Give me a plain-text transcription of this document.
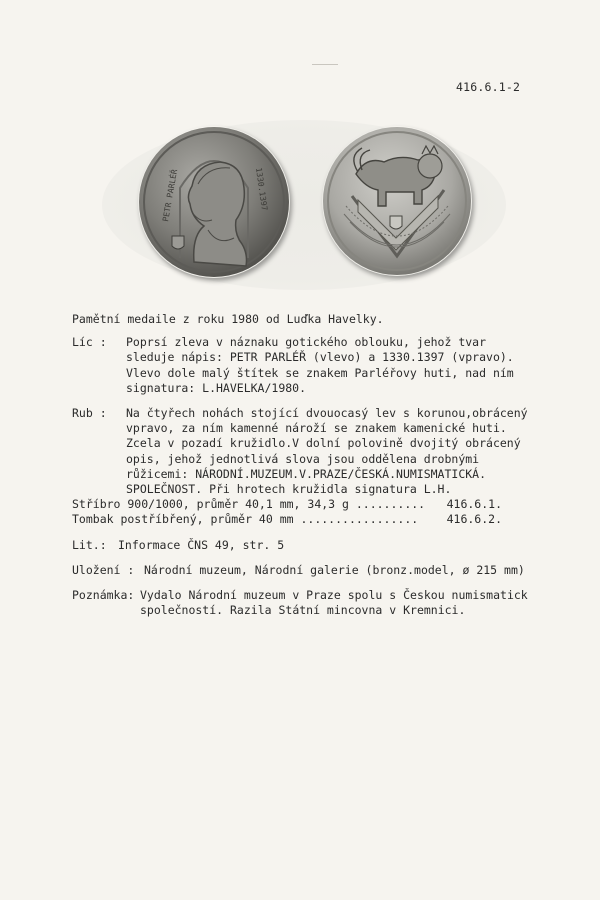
416.6.1-2
PETR PARLÉŘ	1330.1397
Pamětní medaile z roku 1980 od Luďka Havelky.
Líc :	Poprsí zleva v náznaku gotického oblouku, jehož tvar
sleduje nápis: PETR PARLÉŘ (vlevo) a 1330.1397 (vpravo).
Vlevo dole malý štítek se znakem Parléřovy huti, nad ním
signatura: L.HAVELKA/1980.
Rub :	Na čtyřech nohách stojící dvouocasý lev s korunou,obrácený
vpravo, za ním kamenné nároží se znakem kamenické huti.
Zcela v pozadí kružidlo.V dolní polovině dvojitý obrácený
opis, jehož jednotlivá slova jsou oddělena drobnými
růžicemi: NÁRODNÍ.MUZEUM.V.PRAZE/ČESKÁ.NUMISMATICKÁ.
SPOLEČNOST. Při hrotech kružidla signatura L.H.
Stříbro 900/1000, průměr 40,1 mm, 34,3 g .......... 416.6.1.
Tombak postříbřený, průměr 40 mm ................. 416.6.2.
Lit.: Informace ČNS 49, str. 5
Uložení : Národní muzeum, Národní galerie (bronz.model, ø 215 mm)
Poznámka: Vydalo Národní muzeum v Praze spolu s Českou numismatick
společností. Razila Státní mincovna v Kremnici.
